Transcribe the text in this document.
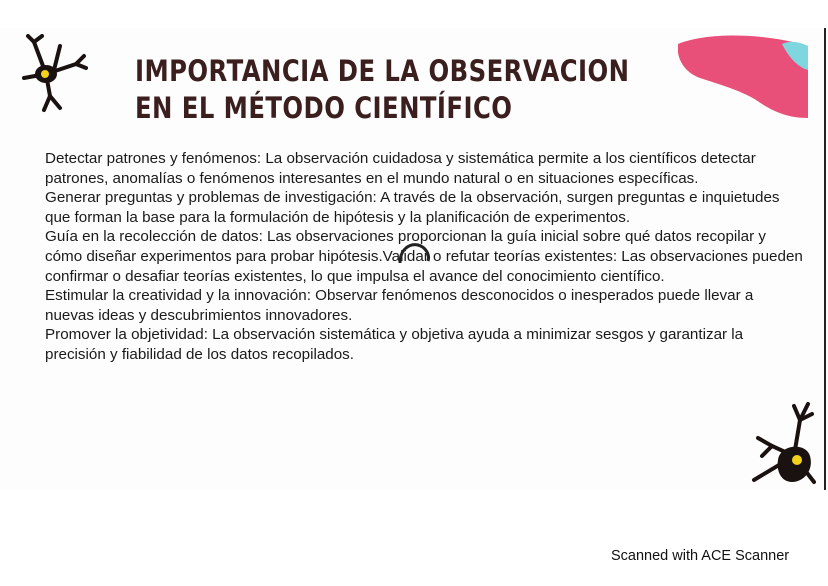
IMPORTANCIA DE LA OBSERVACION EN EL MÉTODO CIENTÍFICO

Detectar patrones y fenómenos: La observación cuidadosa y sistemática permite a los científicos detectar patrones, anomalías o fenómenos interesantes en el mundo natural o en situaciones específicas.

Generar preguntas y problemas de investigación: A través de la observación, surgen preguntas e inquietudes que forman la base para la formulación de hipótesis y la planificación de experimentos.

Guía en la recolección de datos: Las observaciones proporcionan la guía inicial sobre qué datos recopilar y cómo diseñar experimentos para probar hipótesis.Validar o refutar teorías existentes: Las observaciones pueden confirmar o desafiar teorías existentes, lo que impulsa el avance del conocimiento científico.

Estimular la creatividad y la innovación: Observar fenómenos desconocidos o inesperados puede llevar a nuevas ideas y descubrimientos innovadores.

Promover la objetividad: La observación sistemática y objetiva ayuda a minimizar sesgos y garantizar la precisión y fiabilidad de los datos recopilados.

Scanned with ACE Scanner
